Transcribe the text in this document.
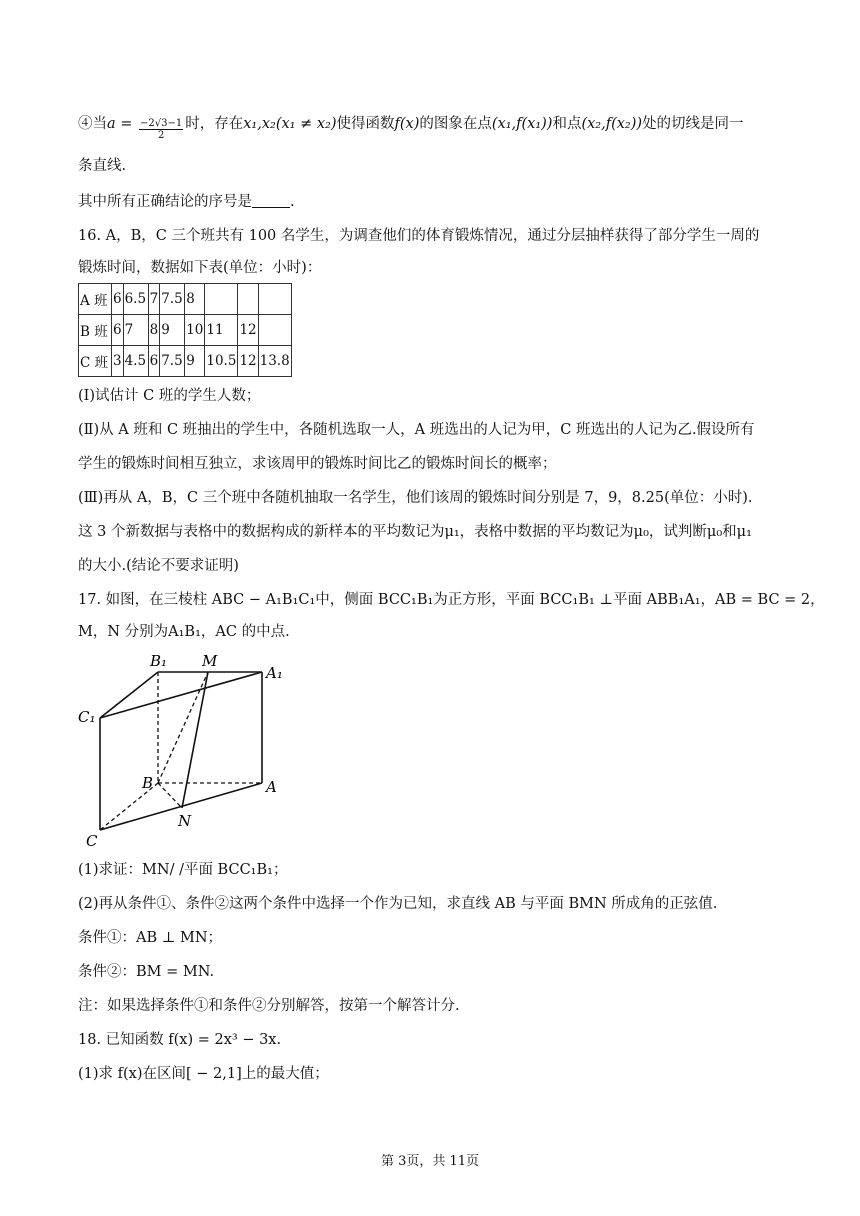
④当$a = \frac{-2√3-1}{2}$ 时，存在x₁,x₂(x₁ ≠ x₂)使得函数f(x)的图象在点(x₁,f(x₁))和点(x₂,f(x₂))处的切线是同一
条直线.
其中所有正确结论的序号是	.
16. A，B，C 三个班共有 100 名学生，为调查他们的体育锻炼情况，通过分层抽样获得了部分学生一周的
锻炼时间，数据如下表(单位：小时)：
A 班	6	6.5	7	7.5	8			
B 班	6	7	8	9	10	11	12	
C 班	3	4.5	6	7.5	9	10.5	12	13.8
(Ⅰ)试估计 C 班的学生人数；
(Ⅱ)从 A 班和 C 班抽出的学生中，各随机选取一人，A 班选出的人记为甲，C 班选出的人记为乙.假设所有
学生的锻炼时间相互独立，求该周甲的锻炼时间比乙的锻炼时间长的概率；
(Ⅲ)再从 A，B，C 三个班中各随机抽取一名学生，他们该周的锻炼时间分别是 7，9，8.25(单位：小时).
这 3 个新数据与表格中的数据构成的新样本的平均数记为μ₁，表格中数据的平均数记为μ₀，试判断μ₀和μ₁
的大小.(结论不要求证明)
17. 如图，在三棱柱 ABC − A₁B₁C₁中，侧面 BCC₁B₁为正方形，平面 BCC₁B₁ ⊥平面 ABB₁A₁，AB = BC = 2，
M，N 分别为A₁B₁，AC 的中点.
B₁ M
A₁
C₁
B	A
N
C
(1)求证：MN/ /平面 BCC₁B₁；
(2)再从条件①、条件②这两个条件中选择一个作为已知，求直线 AB 与平面 BMN 所成角的正弦值.
条件①：AB ⊥ MN；
条件②：BM = MN.
注：如果选择条件①和条件②分别解答，按第一个解答计分.
18. 已知函数 f(x) = 2x³ − 3x.
(1)求 f(x)在区间[ − 2,1]上的最大值；
第 3页，共 11页
